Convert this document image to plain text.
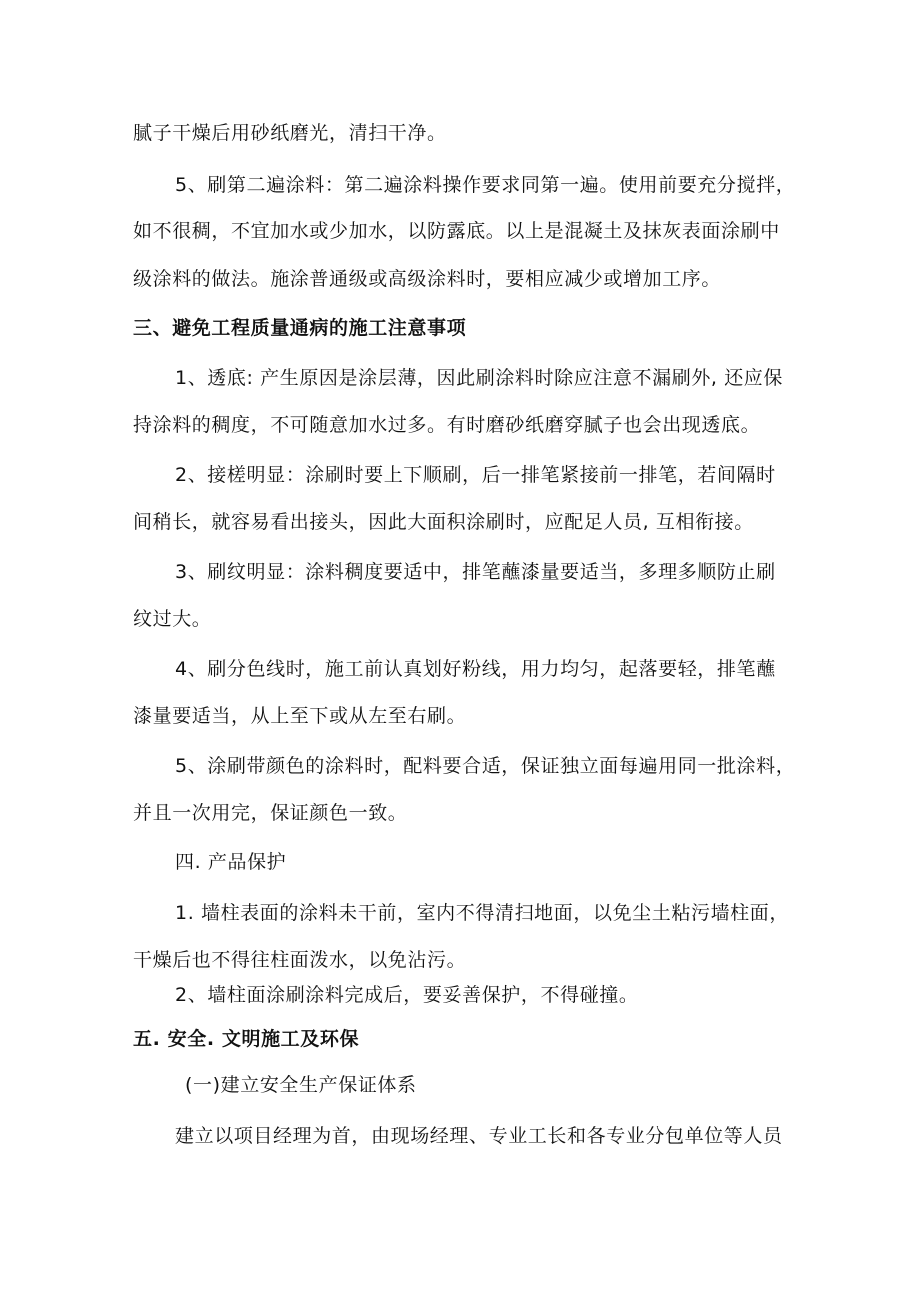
腻子干燥后用砂纸磨光，清扫干净。
5、刷第二遍涂料：第二遍涂料操作要求同第一遍。使用前要充分搅拌，
如不很稠，不宜加水或少加水，以防露底。以上是混凝土及抹灰表面涂刷中
级涂料的做法。施涂普通级或高级涂料时，要相应减少或增加工序。
三、避免工程质量通病的施工注意事项
1、透底: 产生原因是涂层薄，因此刷涂料时除应注意不漏刷外, 还应保
持涂料的稠度，不可随意加水过多。有时磨砂纸磨穿腻子也会出现透底。
2、接槎明显：涂刷时要上下顺刷，后一排笔紧接前一排笔，若间隔时
间稍长，就容易看出接头，因此大面积涂刷时，应配足人员, 互相衔接。
3、刷纹明显：涂料稠度要适中，排笔蘸漆量要适当，多理多顺防止刷
纹过大。
4、刷分色线时，施工前认真划好粉线，用力均匀，起落要轻，排笔蘸
漆量要适当，从上至下或从左至右刷。
5、涂刷带颜色的涂料时，配料要合适，保证独立面每遍用同一批涂料，
并且一次用完，保证颜色一致。
四. 产品保护
1. 墙柱表面的涂料未干前，室内不得清扫地面，以免尘土粘污墙柱面，
干燥后也不得往柱面泼水，以免沾污。
2、墙柱面涂刷涂料完成后，要妥善保护，不得碰撞。
五. 安全. 文明施工及环保
(一)建立安全生产保证体系
建立以项目经理为首，由现场经理、专业工长和各专业分包单位等人员
